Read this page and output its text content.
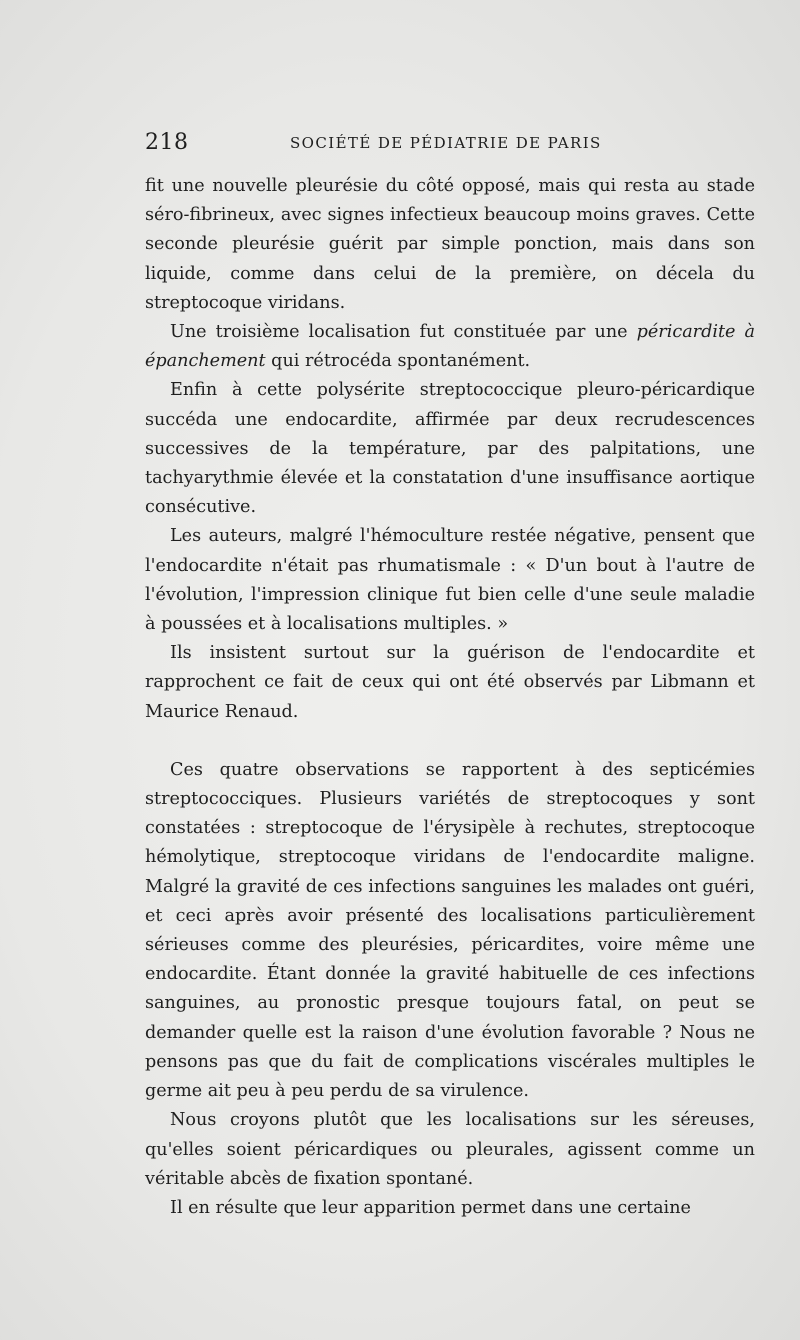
218	SOCIÉTÉ DE PÉDIATRIE DE PARIS

fit une nouvelle pleurésie du côté opposé, mais qui resta au stade séro-fibrineux, avec signes infectieux beaucoup moins graves. Cette seconde pleurésie guérit par simple ponction, mais dans son liquide, comme dans celui de la première, on décela du streptocoque viridans.

Une troisième localisation fut constituée par une péricardite à épanchement qui rétrocéda spontanément.

Enfin à cette polysérite streptococcique pleuro-péricardique succéda une endocardite, affirmée par deux recrudescences successives de la température, par des palpitations, une tachyarythmie élevée et la constatation d'une insuffisance aortique consécutive.

Les auteurs, malgré l'hémoculture restée négative, pensent que l'endocardite n'était pas rhumatismale : « D'un bout à l'autre de l'évolution, l'impression clinique fut bien celle d'une seule maladie à poussées et à localisations multiples. »

Ils insistent surtout sur la guérison de l'endocardite et rapprochent ce fait de ceux qui ont été observés par Libmann et Maurice Renaud.

Ces quatre observations se rapportent à des septicémies streptococciques. Plusieurs variétés de streptocoques y sont constatées : streptocoque de l'érysipèle à rechutes, streptocoque hémolytique, streptocoque viridans de l'endocardite maligne. Malgré la gravité de ces infections sanguines les malades ont guéri, et ceci après avoir présenté des localisations particulièrement sérieuses comme des pleurésies, péricardites, voire même une endocardite. Étant donnée la gravité habituelle de ces infections sanguines, au pronostic presque toujours fatal, on peut se demander quelle est la raison d'une évolution favorable ? Nous ne pensons pas que du fait de complications viscérales multiples le germe ait peu à peu perdu de sa virulence.

Nous croyons plutôt que les localisations sur les séreuses, qu'elles soient péricardiques ou pleurales, agissent comme un véritable abcès de fixation spontané.

Il en résulte que leur apparition permet dans une certaine
